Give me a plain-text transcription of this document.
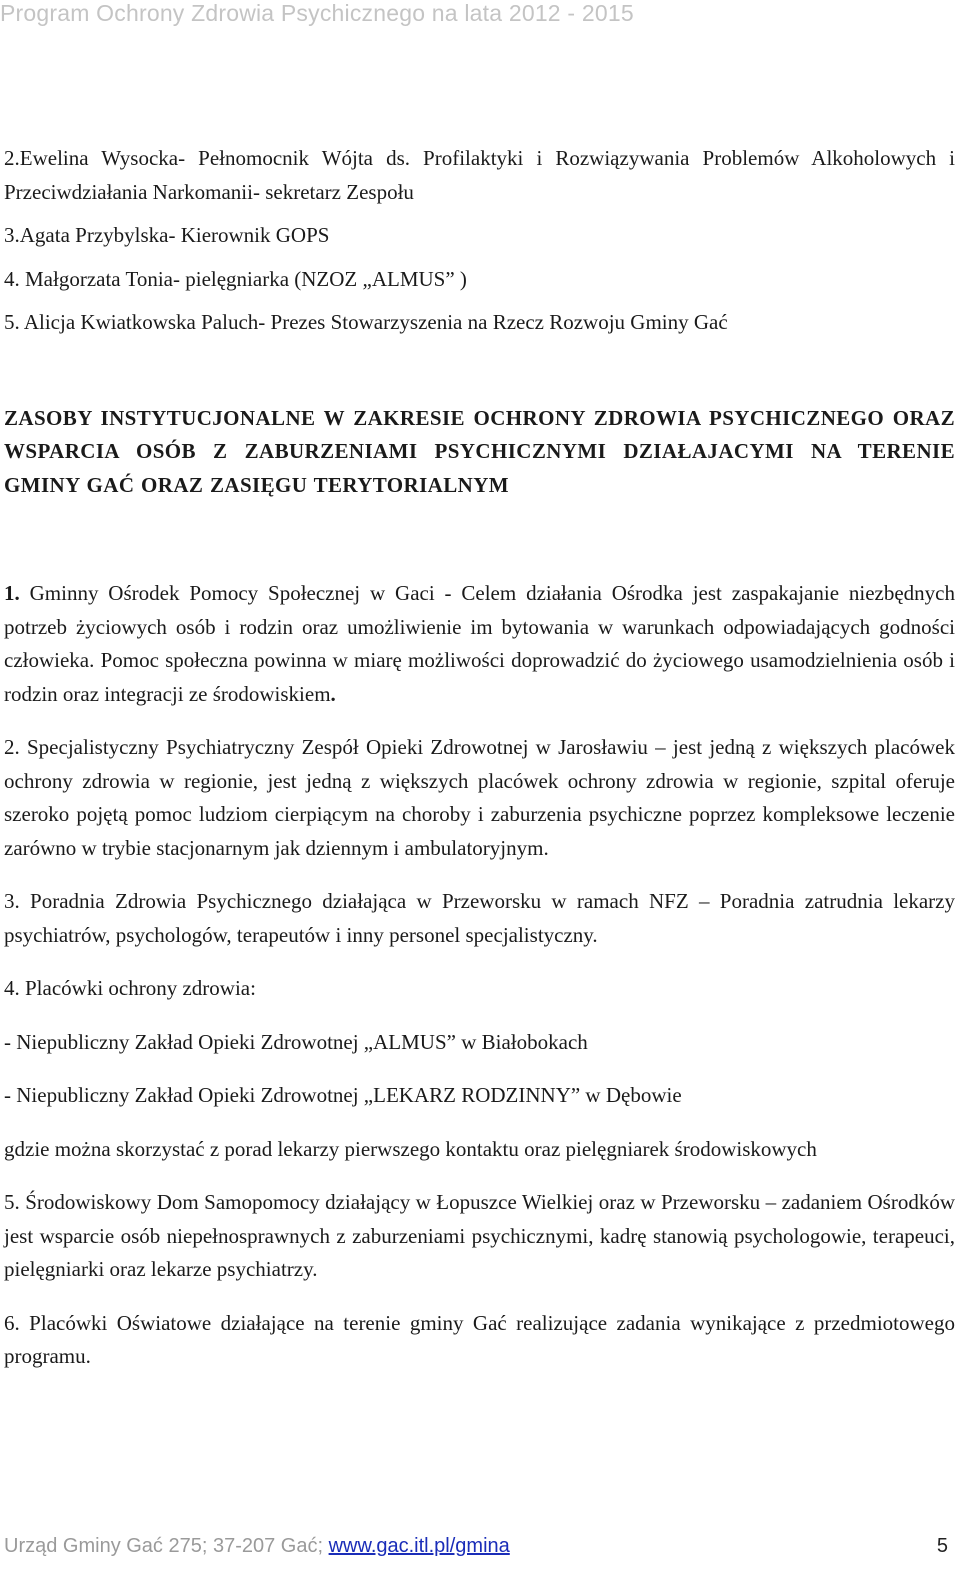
Program Ochrony Zdrowia Psychicznego na lata 2012 - 2015

2.Ewelina Wysocka- Pełnomocnik Wójta ds. Profilaktyki i Rozwiązywania Problemów Alkoholowych i Przeciwdziałania Narkomanii- sekretarz Zespołu

3.Agata Przybylska- Kierownik GOPS

4. Małgorzata Tonia- pielęgniarka (NZOZ „ALMUS” )

5. Alicja Kwiatkowska Paluch- Prezes Stowarzyszenia na Rzecz Rozwoju Gminy Gać

ZASOBY INSTYTUCJONALNE W ZAKRESIE OCHRONY ZDROWIA PSYCHICZNEGO ORAZ WSPARCIA OSÓB Z ZABURZENIAMI PSYCHICZNYMI DZIAŁAJACYMI NA TERENIE GMINY GAĆ ORAZ ZASIĘGU TERYTORIALNYM

1. Gminny Ośrodek Pomocy Społecznej w Gaci - Celem działania Ośrodka jest zaspakajanie niezbędnych potrzeb życiowych osób i rodzin oraz umożliwienie im bytowania w warunkach odpowiadających godności człowieka. Pomoc społeczna powinna w miarę możliwości doprowadzić do życiowego usamodzielnienia osób i rodzin oraz integracji ze środowiskiem.

2. Specjalistyczny Psychiatryczny Zespół Opieki Zdrowotnej w Jarosławiu – jest jedną z większych placówek ochrony zdrowia w regionie, jest jedną z większych placówek ochrony zdrowia w regionie, szpital oferuje szeroko pojętą pomoc ludziom cierpiącym na choroby i zaburzenia psychiczne poprzez kompleksowe leczenie zarówno w trybie stacjonarnym jak dziennym i ambulatoryjnym.

3. Poradnia Zdrowia Psychicznego działająca w Przeworsku w ramach NFZ – Poradnia zatrudnia lekarzy psychiatrów, psychologów, terapeutów i inny personel specjalistyczny.

4. Placówki ochrony zdrowia:

- Niepubliczny Zakład Opieki Zdrowotnej „ALMUS” w Białobokach

- Niepubliczny Zakład Opieki Zdrowotnej „LEKARZ RODZINNY” w Dębowie

gdzie można skorzystać z porad lekarzy pierwszego kontaktu oraz pielęgniarek środowiskowych

5. Środowiskowy Dom Samopomocy działający w Łopuszce Wielkiej oraz w Przeworsku – zadaniem Ośrodków jest wsparcie osób niepełnosprawnych z zaburzeniami psychicznymi, kadrę stanowią psychologowie, terapeuci, pielęgniarki oraz lekarze psychiatrzy.

6. Placówki Oświatowe działające na terenie gminy Gać realizujące zadania wynikające z przedmiotowego programu.

Urząd Gminy Gać 275; 37-207 Gać; www.gac.itl.pl/gmina	5
